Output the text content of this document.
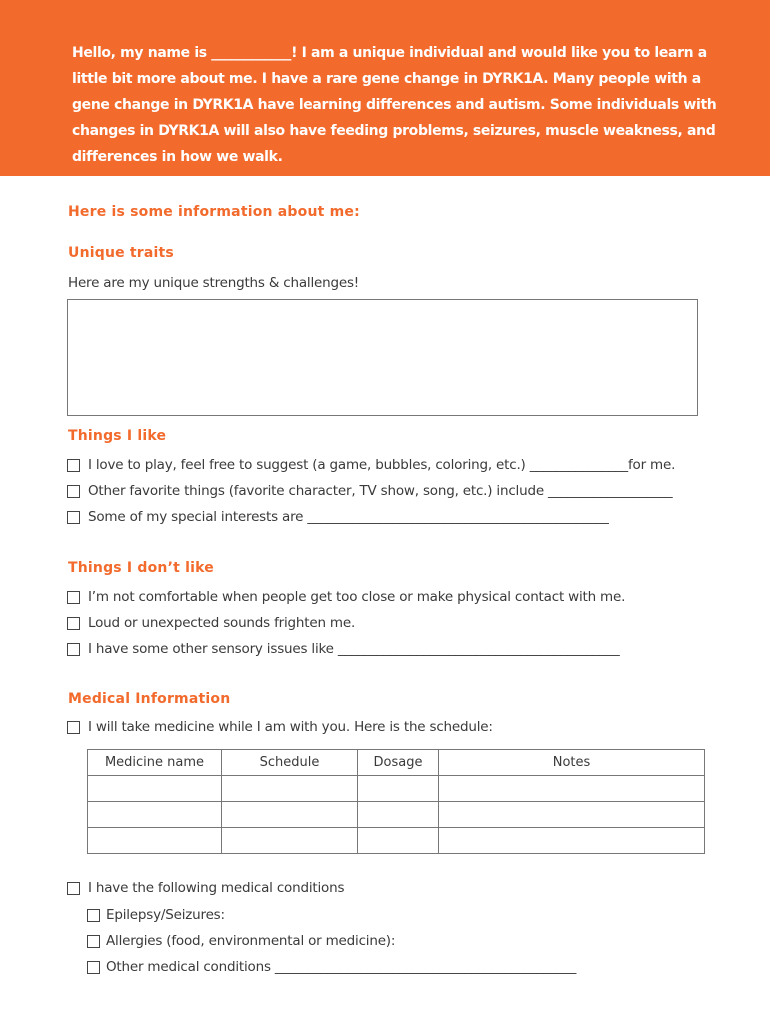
Hello, my name is ____________! I am a unique individual and would like you to learn a little bit more about me. I have a rare gene change in DYRK1A. Many people with a gene change in DYRK1A have learning differences and autism. Some individuals with changes in DYRK1A will also have feeding problems, seizures, muscle weakness, and differences in how we walk.
Here is some information about me:
Unique traits
Here are my unique strengths & challenges!
Things I like
I love to play, feel free to suggest (a game, bubbles, coloring, etc.) _______________for me.
Other favorite things (favorite character, TV show, song, etc.) include ___________________
Some of my special interests are ______________________________________________
Things I don’t like
I’m not comfortable when people get too close or make physical contact with me.
Loud or unexpected sounds frighten me.
I have some other sensory issues like ___________________________________________
Medical Information
I will take medicine while I am with you. Here is the schedule:
Medicine name	Schedule	Dosage	Notes

I have the following medical conditions
Epilepsy/Seizures:
Allergies (food, environmental or medicine):
Other medical conditions ______________________________________________
